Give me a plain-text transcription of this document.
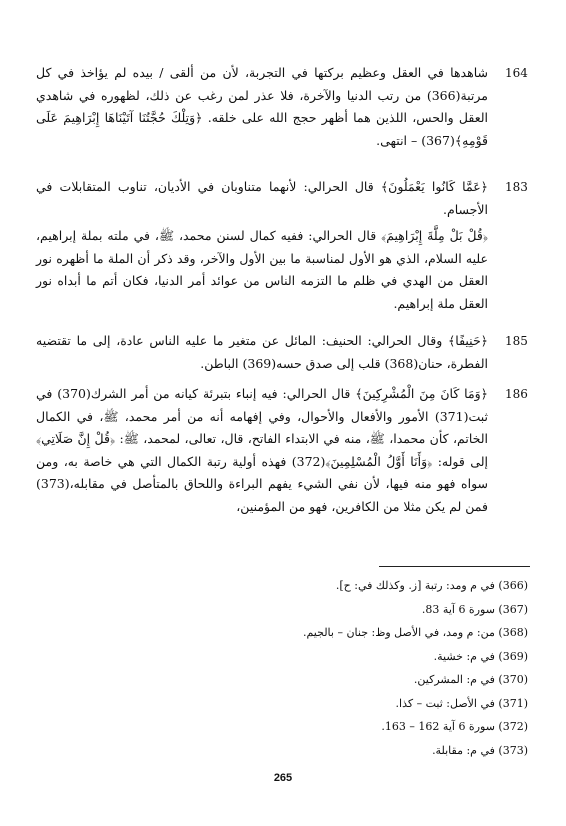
164

شاهدها في العقل وعظيم بركتها في التجربة، لأن من ألقى / بيده لم يؤاخذ في كل مرتبة(366) من رتب الدنيا والآخرة، فلا عذر لمن رغب عن ذلك، لظهوره في شاهدي العقل والحس، اللذين هما أظهر حجج الله على خلقه. ﴿وَتِلْكَ حُجَّتُنَا آتَيْنَاهَا إِبْرَاهِيمَ عَلَى قَوْمِهِ﴾(367) – انتهى.

183

﴿عَمَّا كَانُوا يَعْمَلُونَ﴾ قال الحرالي: لأنهما متناوبان في الأديان، تناوب المتقابلات في الأجسام.

﴿قُلْ بَلْ مِلَّةَ إِبْرَاهِيمَ﴾ قال الحرالي: ففيه كمال لسنن محمد، ﷺ، في ملته بملة إبراهيم، عليه السلام، الذي هو الأول لمناسبة ما بين الأول والآخر، وقد ذكر أن الملة ما أظهره نور العقل من الهدي في ظلم ما التزمه الناس من عوائد أمر الدنيا، فكان أتم ما أبداه نور العقل ملة إبراهيم.

185

﴿حَنِيفًا﴾ وقال الحرالي: الحنيف: المائل عن متغير ما عليه الناس عادة، إلى ما تقتضيه الفطرة، حنان(368) قلب إلى صدق حسه(369) الباطن.

186

﴿وَمَا كَانَ مِنَ الْمُشْرِكِينَ﴾ قال الحرالي: فيه إنباء بتبرئة كيانه من أمر الشرك(370) في ثبت(371) الأمور والأفعال والأحوال، وفي إفهامه أنه من أمر محمد، ﷺ، في الكمال الخاتم، كأن محمدا، ﷺ، منه في الابتداء الفاتح، قال، تعالى، لمحمد، ﷺ: ﴿قُلْ إِنَّ صَلَاتِي﴾ إلى قوله: ﴿وَأَنَا أَوَّلُ الْمُسْلِمِينَ﴾(372) فهذه أولية رتبة الكمال التي هي خاصة به، ومن سواه فهو منه فيها، لأن نفي الشيء يفهم البراءة واللحاق بالمتأصل في مقابله،(373) فمن لم يكن مثلا من الكافرين، فهو من المؤمنين،

(366) في م ومد: رتبة [ز. وكذلك في: ح].
(367) سورة 6 آية 83.
(368) من: م ومد، في الأصل وظ: جنان – بالجيم.
(369) في م: خشية.
(370) في م: المشركين.
(371) في الأصل: ثبت – كذا.
(372) سورة 6 آية 162 – 163.
(373) في م: مقابلة.
265
